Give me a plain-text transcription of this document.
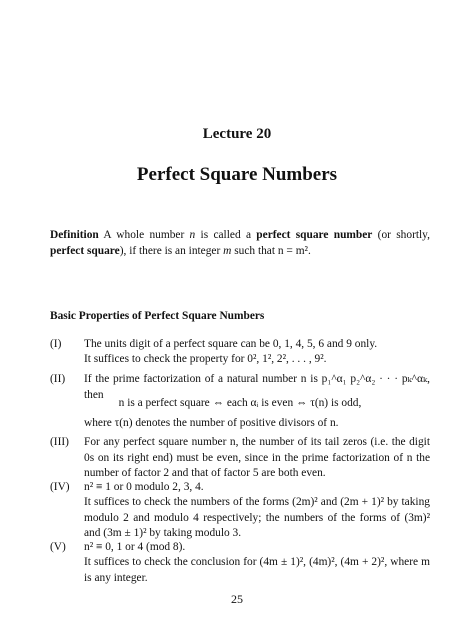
Lecture 20
Perfect Square Numbers
Definition A whole number n is called a perfect square number (or shortly, perfect square), if there is an integer m such that n = m².
Basic Properties of Perfect Square Numbers
(I) The units digit of a perfect square can be 0, 1, 4, 5, 6 and 9 only.
It suffices to check the property for 0², 1², 2², . . . , 9².
(II) If the prime factorization of a natural number n is p₁^α₁ p₂^α₂ · · · pₖ^αₖ, then
n is a perfect square ⇔ each αᵢ is even ⇔ τ(n) is odd,
where τ(n) denotes the number of positive divisors of n.
(III) For any perfect square number n, the number of its tail zeros (i.e. the digit 0s on its right end) must be even, since in the prime factorization of n the number of factor 2 and that of factor 5 are both even.
(IV) n² ≡ 1 or 0 modulo 2, 3, 4.
It suffices to check the numbers of the forms (2m)² and (2m + 1)² by taking modulo 2 and modulo 4 respectively; the numbers of the forms of (3m)² and (3m ± 1)² by taking modulo 3.
(V) n² ≡ 0, 1 or 4 (mod 8).
It suffices to check the conclusion for (4m ± 1)², (4m)², (4m + 2)², where m is any integer.
25
